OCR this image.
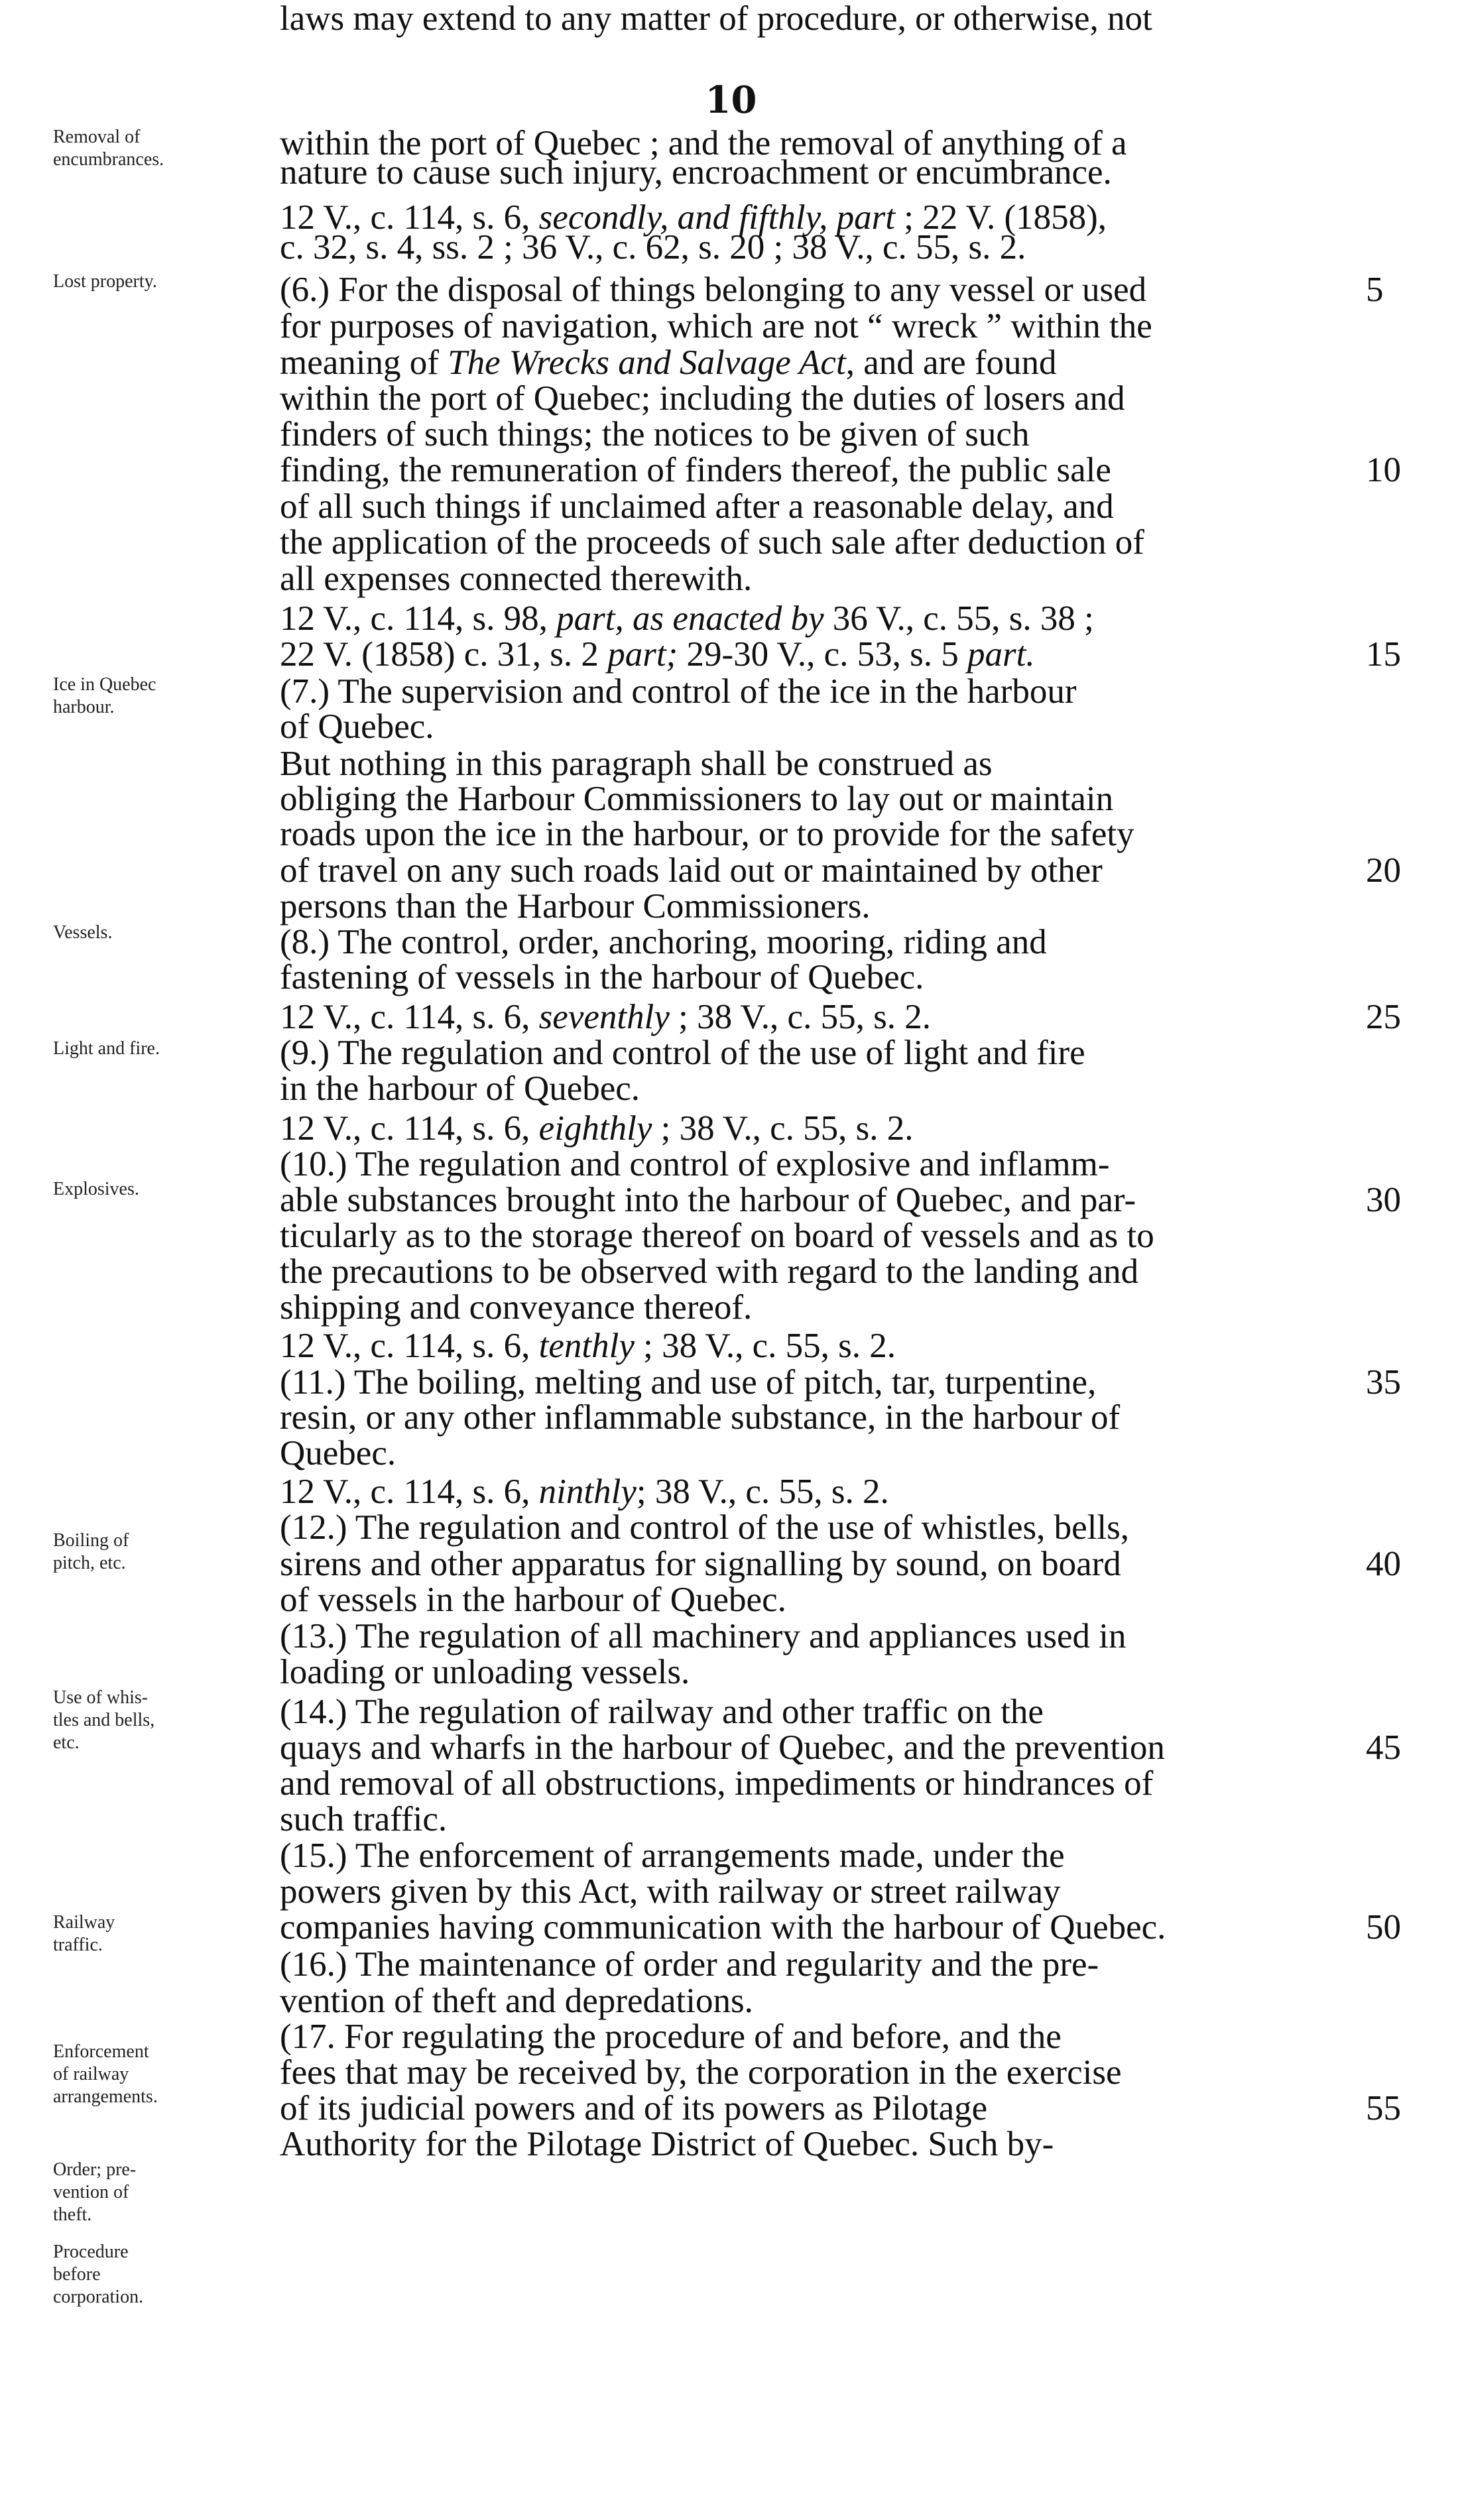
10
Removal of
encumbrances.
Lost property.
Ice in Quebec
harbour.
Vessels.
Light and fire.
Explosives.
Boiling of
pitch, etc.
Use of whis-
tles and bells,
etc.
Railway
traffic.
Enforcement
of railway
arrangements.
Order; pre-
vention of
theft.
Procedure
before
corporation.
within the port of Quebec ; and the removal of anything of a
nature to cause such injury, encroachment or encumbrance.
12 V., c. 114, s. 6, secondly, and fifthly, part ; 22 V. (1858),
c. 32, s. 4, ss. 2 ; 36 V., c. 62, s. 20 ; 38 V., c. 55, s. 2.
(6.) For the disposal of things belonging to any vessel or used
for purposes of navigation, which are not “ wreck ” within the
meaning of The Wrecks and Salvage Act, and are found
within the port of Quebec; including the duties of losers and
finders of such things; the notices to be given of such
finding, the remuneration of finders thereof, the public sale
of all such things if unclaimed after a reasonable delay, and
the application of the proceeds of such sale after deduction of
all expenses connected therewith.
12 V., c. 114, s. 98, part, as enacted by 36 V., c. 55, s. 38 ;
22 V. (1858) c. 31, s. 2 part; 29-30 V., c. 53, s. 5 part.
(7.) The supervision and control of the ice in the harbour
of Quebec.
But nothing in this paragraph shall be construed as
obliging the Harbour Commissioners to lay out or maintain
roads upon the ice in the harbour, or to provide for the safety
of travel on any such roads laid out or maintained by other
persons than the Harbour Commissioners.
(8.) The control, order, anchoring, mooring, riding and
fastening of vessels in the harbour of Quebec.
12 V., c. 114, s. 6, seventhly ; 38 V., c. 55, s. 2.
(9.) The regulation and control of the use of light and fire
in the harbour of Quebec.
12 V., c. 114, s. 6, eighthly ; 38 V., c. 55, s. 2.
(10.) The regulation and control of explosive and inflamm-
able substances brought into the harbour of Quebec, and par-
ticularly as to the storage thereof on board of vessels and as to
the precautions to be observed with regard to the landing and
shipping and conveyance thereof.
12 V., c. 114, s. 6, tenthly ; 38 V., c. 55, s. 2.
(11.) The boiling, melting and use of pitch, tar, turpentine,
resin, or any other inflammable substance, in the harbour of
Quebec.
12 V., c. 114, s. 6, ninthly; 38 V., c. 55, s. 2.
(12.) The regulation and control of the use of whistles, bells,
sirens and other apparatus for signalling by sound, on board
of vessels in the harbour of Quebec.
(13.) The regulation of all machinery and appliances used in
loading or unloading vessels.
(14.) The regulation of railway and other traffic on the
quays and wharfs in the harbour of Quebec, and the prevention
and removal of all obstructions, impediments or hindrances of
such traffic.
(15.) The enforcement of arrangements made, under the
powers given by this Act, with railway or street railway
companies having communication with the harbour of Quebec.
(16.) The maintenance of order and regularity and the pre-
vention of theft and depredations.
(17. For regulating the procedure of and before, and the
fees that may be received by, the corporation in the exercise
of its judicial powers and of its powers as Pilotage
Authority for the Pilotage District of Quebec. Such by-
laws may extend to any matter of procedure, or otherwise, not
5
10
15
20
25
30
35
40
45
50
55
